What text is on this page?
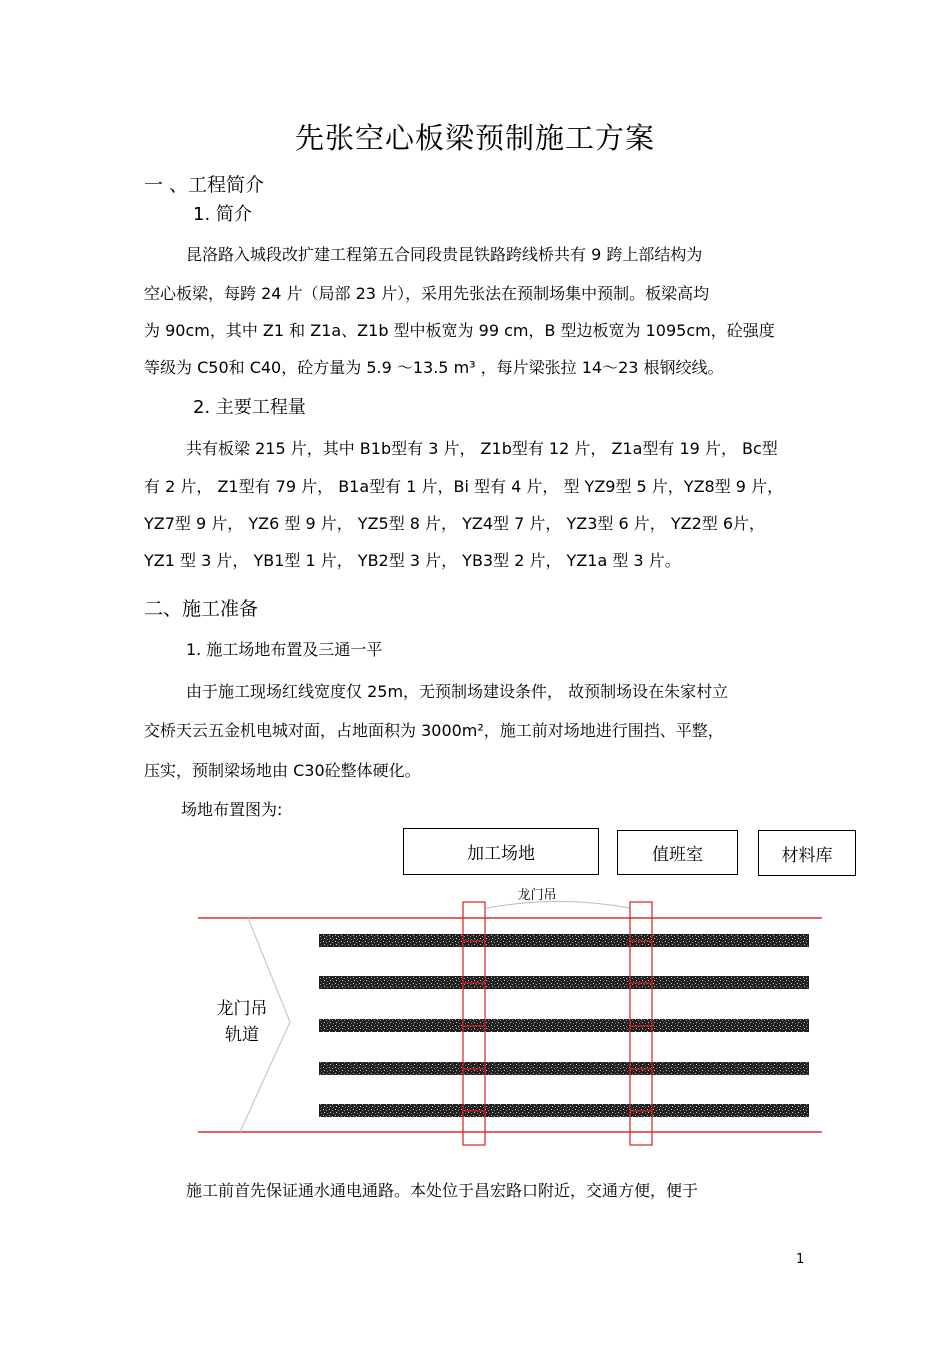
先张空心板梁预制施工方案
一 、工程简介
1. 简介
昆洛路入城段改扩建工程第五合同段贵昆铁路跨线桥共有 9 跨上部结构为
空心板梁，每跨 24 片（局部 23 片），采用先张法在预制场集中预制。板梁高均
为 90cm，其中 Z1 和 Z1a、Z1b 型中板宽为 99 cm，B 型边板宽为 1095cm，砼强度
等级为 C50和 C40，砼方量为 5.9 ～13.5 m³ ，每片梁张拉 14～23 根钢绞线。
2. 主要工程量
共有板梁 215 片，其中 B1b型有 3 片， Z1b型有 12 片， Z1a型有 19 片， Bc型
有 2 片， Z1型有 79 片， B1a型有 1 片，Bi 型有 4 片， 型 YZ9型 5 片，YZ8型 9 片，
YZ7型 9 片， YZ6 型 9 片， YZ5型 8 片， YZ4型 7 片， YZ3型 6 片， YZ2型 6片，
YZ1 型 3 片， YB1型 1 片， YB2型 3 片， YB3型 2 片， YZ1a 型 3 片。
二、施工准备
1. 施工场地布置及三通一平
由于施工现场红线宽度仅 25m，无预制场建设条件， 故预制场设在朱家村立
交桥天云五金机电城对面，占地面积为 3000m²，施工前对场地进行围挡、平整，
压实，预制梁场地由 C30砼整体硬化。
场地布置图为:
加工场地	值班室	材料库
龙门吊
龙门吊
轨道
施工前首先保证通水通电通路。本处位于昌宏路口附近，交通方便，便于
1
